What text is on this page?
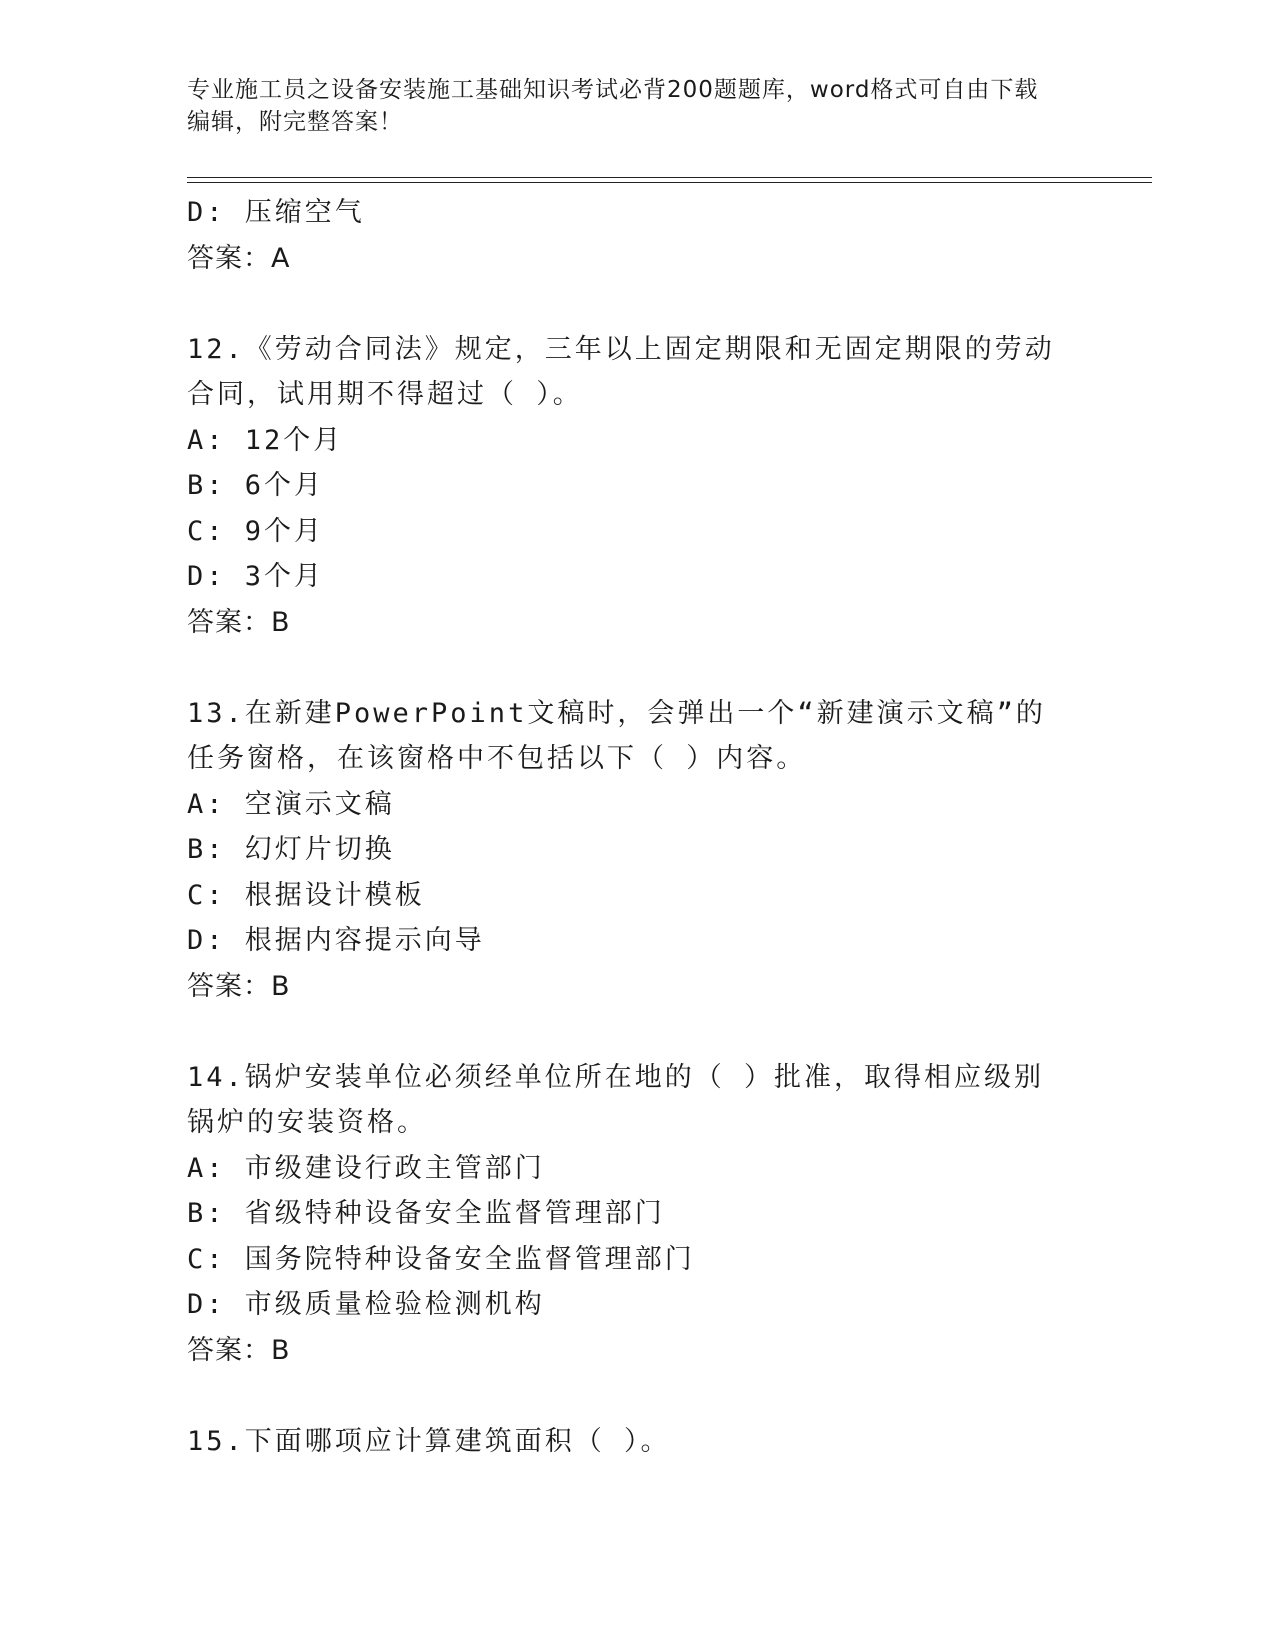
专业施工员之设备安装施工基础知识考试必背200题题库，word格式可自由下载
编辑，附完整答案！
D: 压缩空气
答案：A
12.《劳动合同法》规定，三年以上固定期限和无固定期限的劳动合同，试用期不得超过（ ）。
A: 12个月
B: 6个月
C: 9个月
D: 3个月
答案：B
13.在新建PowerPoint文稿时，会弹出一个“新建演示文稿”的任务窗格，在该窗格中不包括以下（ ）内容。
A: 空演示文稿
B: 幻灯片切换
C: 根据设计模板
D: 根据内容提示向导
答案：B
14.锅炉安装单位必须经单位所在地的（ ）批准，取得相应级别锅炉的安装资格。
A: 市级建设行政主管部门
B: 省级特种设备安全监督管理部门
C: 国务院特种设备安全监督管理部门
D: 市级质量检验检测机构
答案：B
15.下面哪项应计算建筑面积（ ）。
